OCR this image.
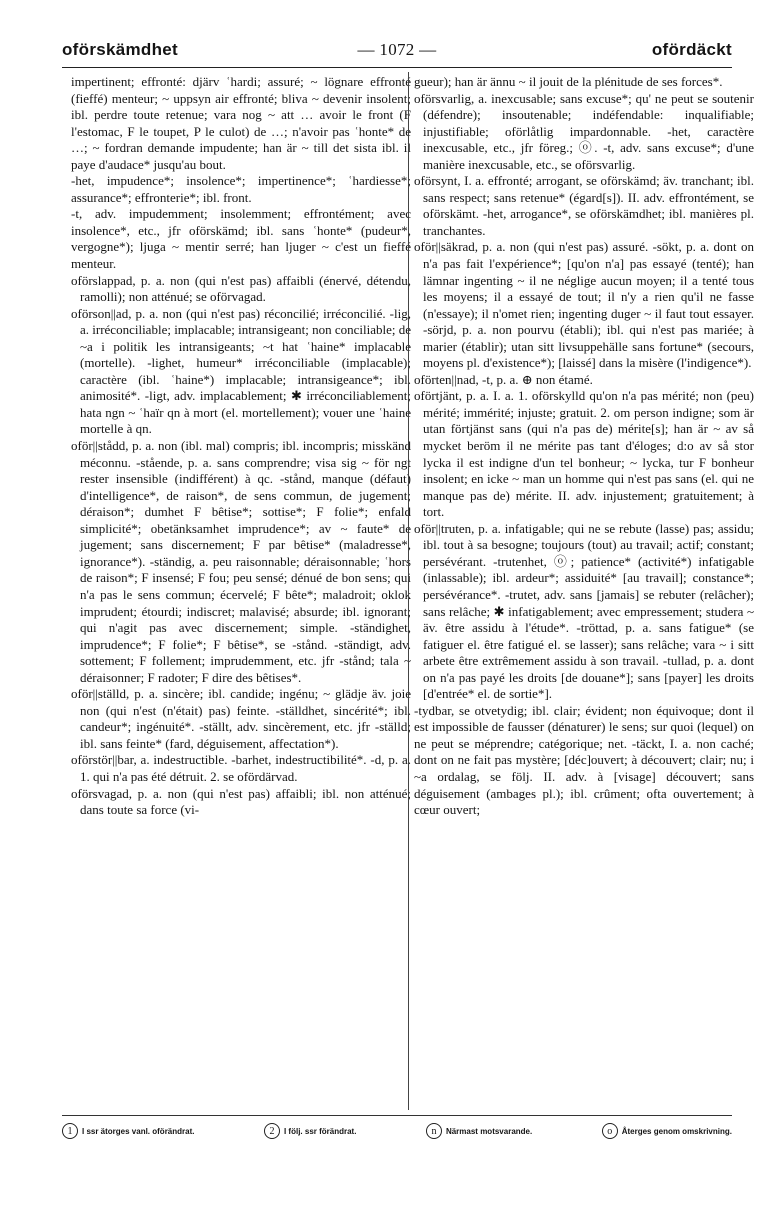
oförskämdhet	— 1072 —	ofördäckt

impertinent; effronté: djärv ʿhardi; assuré; ~ lögnare effronté (fieffé) menteur; ~ uppsyn air effronté; bliva ~ devenir insolent; ibl. perdre toute retenue; vara nog ~ att … avoir le front (F l'estomac, F le toupet, P le culot) de …; n'avoir pas ʿhonte* de …; ~ fordran demande impudente; han är ~ till det sista ibl. il paye d'audace* jusqu'au bout.

-het, impudence*; insolence*; impertinence*; ʿhardiesse*; assurance*; effronterie*; ibl. front.

-t, adv. impudemment; insolemment; effrontément; avec insolence*, etc., jfr oförskämd; ibl. sans ʿhonte* (pudeur*, vergogne*); ljuga ~ mentir serré; han ljuger ~ c'est un fieffé menteur.

oförslappad, p. a. non (qui n'est pas) affaibli (énervé, détendu, ramolli); non atténué; se oförvagad.

oförson||ad, p. a. non (qui n'est pas) réconcilié; irréconcilié. -lig, a. irréconciliable; implacable; intransigeant; non conciliable; de ~a i politik les intransigeants; ~t hat ʿhaine* implacable (mortelle). -lighet, humeur* irréconciliable (implacable); caractère (ibl. ʿhaine*) implacable; intransigeance*; ibl. animosité*. -ligt, adv. implacablement; ✱ irréconciliablement; hata ngn ~ ʿhaïr qn à mort (el. mortellement); vouer une ʿhaine mortelle à qn.

oför||stådd, p. a. non (ibl. mal) compris; ibl. incompris; misskänd méconnu. -stående, p. a. sans comprendre; visa sig ~ för ngt rester insensible (indifférent) à qc. -stånd, manque (défaut) d'intelligence*, de raison*, de sens commun, de jugement; déraison*; dumhet F bêtise*; sottise*; F folie*; enfald simplicité*; obetänksamhet imprudence*; av ~ faute* de jugement; sans discernement; F par bêtise* (maladresse*, ignorance*). -ständig, a. peu raisonnable; déraisonnable; ʿhors de raison*; F insensé; F fou; peu sensé; dénué de bon sens; qui n'a pas le sens commun; écervelé; F bête*; maladroit; oklok imprudent; étourdi; indiscret; malavisé; absurde; ibl. ignorant; qui n'agit pas avec discernement; simple. -ständighet, imprudence*; F folie*; F bêtise*, se -stånd. -ständigt, adv. sottement; F follement; imprudemment, etc. jfr -stånd; tala ~ déraisonner; F radoter; F dire des bêtises*.

oför||ställd, p. a. sincère; ibl. candide; ingénu; ~ glädje äv. joie non (qui n'est (n'était) pas) feinte. -ställdhet, sincérité*; ibl. candeur*; ingénuité*. -ställt, adv. sincèrement, etc. jfr -ställd; ibl. sans feinte* (fard, déguisement, affectation*).

oförstör||bar, a. indestructible. -barhet, indestructibilité*. -d, p. a. 1. qui n'a pas été détruit. 2. se ofördärvad.

oförsvagad, p. a. non (qui n'est pas) affaibli; ibl. non atténué; dans toute sa force (vi-

gueur); han är ännu ~ il jouit de la plénitude de ses forces*.

oförsvarlig, a. inexcusable; sans excuse*; qu' ne peut se soutenir (défendre); insoutenable; indéfendable: inqualifiable; injustifiable; oförlåtlig impardonnable. -het, caractère inexcusable, etc., jfr föreg.; ⓞ. -t, adv. sans excuse*; d'une manière inexcusable, etc., se oförsvarlig.

oförsynt, I. a. effronté; arrogant, se oförskämd; äv. tranchant; ibl. sans respect; sans retenue* (égard[s]). II. adv. effrontément, se oförskämt. -het, arrogance*, se oförskämdhet; ibl. manières pl. tranchantes.

oför||säkrad, p. a. non (qui n'est pas) assuré. -sökt, p. a. dont on n'a pas fait l'expérience*; [qu'on n'a] pas essayé (tenté); han lämnar ingenting ~ il ne néglige aucun moyen; il a tenté tous les moyens; il a essayé de tout; il n'y a rien qu'il ne fasse (n'essaye); il n'omet rien; ingenting duger ~ il faut tout essayer. -sörjd, p. a. non pourvu (établi); ibl. qui n'est pas mariée; à marier (établir); utan sitt livsuppehälle sans fortune* (secours, moyens pl. d'existence*); [laissé] dans la misère (l'indigence*).

oförten||nad, -t, p. a. ⊕ non étamé.

oförtjänt, p. a. I. a. 1. oförskylld qu'on n'a pas mérité; non (peu) mérité; immérité; injuste; gratuit. 2. om person indigne; som är utan förtjänst sans (qui n'a pas de) mérite[s]; han är ~ av så mycket beröm il ne mérite pas tant d'éloges; d:o av så stor lycka il est indigne d'un tel bonheur; ~ lycka, tur F bonheur insolent; en icke ~ man un homme qui n'est pas sans (el. qui ne manque pas de) mérite. II. adv. injustement; gratuitement; à tort.

oför||truten, p. a. infatigable; qui ne se rebute (lasse) pas; assidu; ibl. tout à sa besogne; toujours (tout) au travail; actif; constant; persévérant. -trutenhet, ⓞ; patience* (activité*) infatigable (inlassable); ibl. ardeur*; assiduité* [au travail]; constance*; persévérance*. -trutet, adv. sans [jamais] se rebuter (relâcher); sans relâche; ✱ infatigablement; avec empressement; studera ~ äv. être assidu à l'étude*. -tröttad, p. a. sans fatigue* (se fatiguer el. être fatigué el. se lasser); sans relâche; vara ~ i sitt arbete être extrêmement assidu à son travail. -tullad, p. a. dont on n'a pas payé les droits [de douane*]; sans [payer] les droits [d'entrée* el. de sortie*].

-tydbar, se otvetydig; ibl. clair; évident; non équivoque; dont il est impossible de fausser (dénaturer) le sens; sur quoi (lequel) on ne peut se méprendre; catégorique; net. -täckt, I. a. non caché; dont on ne fait pas mystère; [déc]ouvert; à découvert; clair; nu; i ~a ordalag, se följ. II. adv. à [visage] découvert; sans déguisement (ambages pl.); ibl. crûment; ofta ouvertement; à cœur ouvert;

1	I ssr ätorges vanl. oförändrat.	2	I följ. ssr förändrat.	n	Närmast motsvarande.	o	Återges genom omskrivning.
